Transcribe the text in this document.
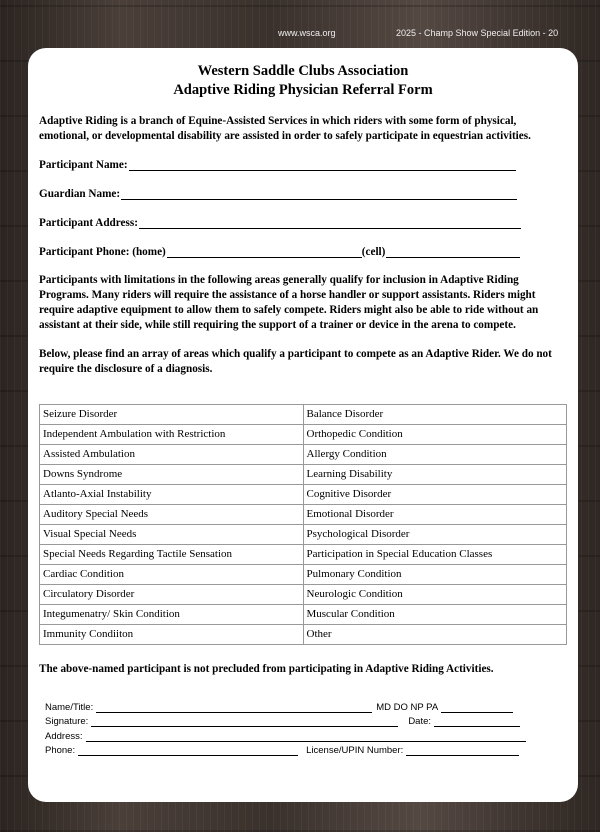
www.wsca.org	2025 - Champ Show Special Edition - 20
Western Saddle Clubs Association
Adaptive Riding Physician Referral Form
Adaptive Riding is a branch of Equine-Assisted Services in which riders with some form of physical, emotional, or developmental disability are assisted in order to safely participate in equestrian activities.
Participant Name:
Guardian Name:
Participant Address:
Participant Phone: (home)	(cell)
Participants with limitations in the following areas generally qualify for inclusion in Adaptive Riding Programs. Many riders will require the assistance of a horse handler or support assistants. Riders might require adaptive equipment to allow them to safely compete. Riders might also be able to ride without an assistant at their side, while still requiring the support of a trainer or device in the arena to compete.
Below, please find an array of areas which qualify a participant to compete as an Adaptive Rider. We do not require the disclosure of a diagnosis.
Seizure Disorder	Balance Disorder
Independent Ambulation with Restriction	Orthopedic Condition
Assisted Ambulation	Allergy Condition
Downs Syndrome	Learning Disability
Atlanto-Axial Instability	Cognitive Disorder
Auditory Special Needs	Emotional Disorder
Visual Special Needs	Psychological Disorder
Special Needs Regarding Tactile Sensation	Participation in Special Education Classes
Cardiac Condition	Pulmonary Condition
Circulatory Disorder	Neurologic Condition
Integumenatry/ Skin Condition	Muscular Condition
Immunity Condiiton	Other
The above-named participant is not precluded from participating in Adaptive Riding Activities.
Name/Title:	MD DO NP PA
Signature:	Date:
Address:
Phone:	License/UPIN Number:
